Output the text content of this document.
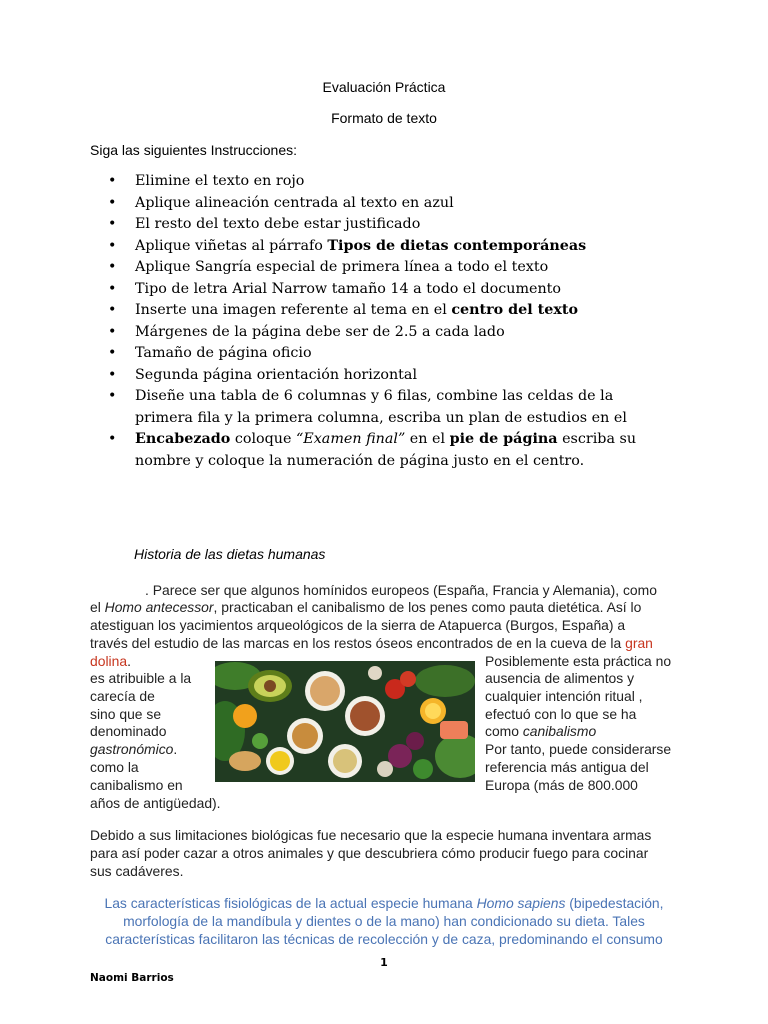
Evaluación Práctica
Formato de texto
Siga las siguientes Instrucciones:
• Elimine el texto en rojo
• Aplique alineación centrada al texto en azul
• El resto del texto debe estar justificado
• Aplique viñetas al párrafo Tipos de dietas contemporáneas
• Aplique Sangría especial de primera línea a todo el texto
• Tipo de letra Arial Narrow tamaño 14 a todo el documento
• Inserte una imagen referente al tema en el centro del texto
• Márgenes de la página debe ser de 2.5 a cada lado
• Tamaño de página oficio
• Segunda página orientación horizontal
• Diseñe una tabla de 6 columnas y 6 filas, combine las celdas de la
primera fila y la primera columna, escriba un plan de estudios en el
• Encabezado coloque “Examen final” en el pie de página escriba su
nombre y coloque la numeración de página justo en el centro.
Historia de las dietas humanas
. Parece ser que algunos homínidos europeos (España, Francia y Alemania), como
el Homo antecessor, practicaban el canibalismo de los penes como pauta dietética. Así lo
atestiguan los yacimientos arqueológicos de la sierra de Atapuerca (Burgos, España) a
través del estudio de las marcas en los restos óseos encontrados de en la cueva de la gran
dolina.
es atribuible a la
carecía de
sino que se
denominado
gastronómico.
como la
canibalismo en
años de antigüedad).
Posiblemente esta práctica no
ausencia de alimentos y
cualquier intención ritual ,
efectuó con lo que se ha
como canibalismo
Por tanto, puede considerarse
referencia más antigua del
Europa (más de 800.000
Debido a sus limitaciones biológicas fue necesario que la especie humana inventara armas
para así poder cazar a otros animales y que descubriera cómo producir fuego para cocinar
sus cadáveres.
Las características fisiológicas de la actual especie humana Homo sapiens (bipedestación,
morfología de la mandíbula y dientes o de la mano) han condicionado su dieta. Tales
características facilitaron las técnicas de recolección y de caza, predominando el consumo
1
Naomi Barrios
